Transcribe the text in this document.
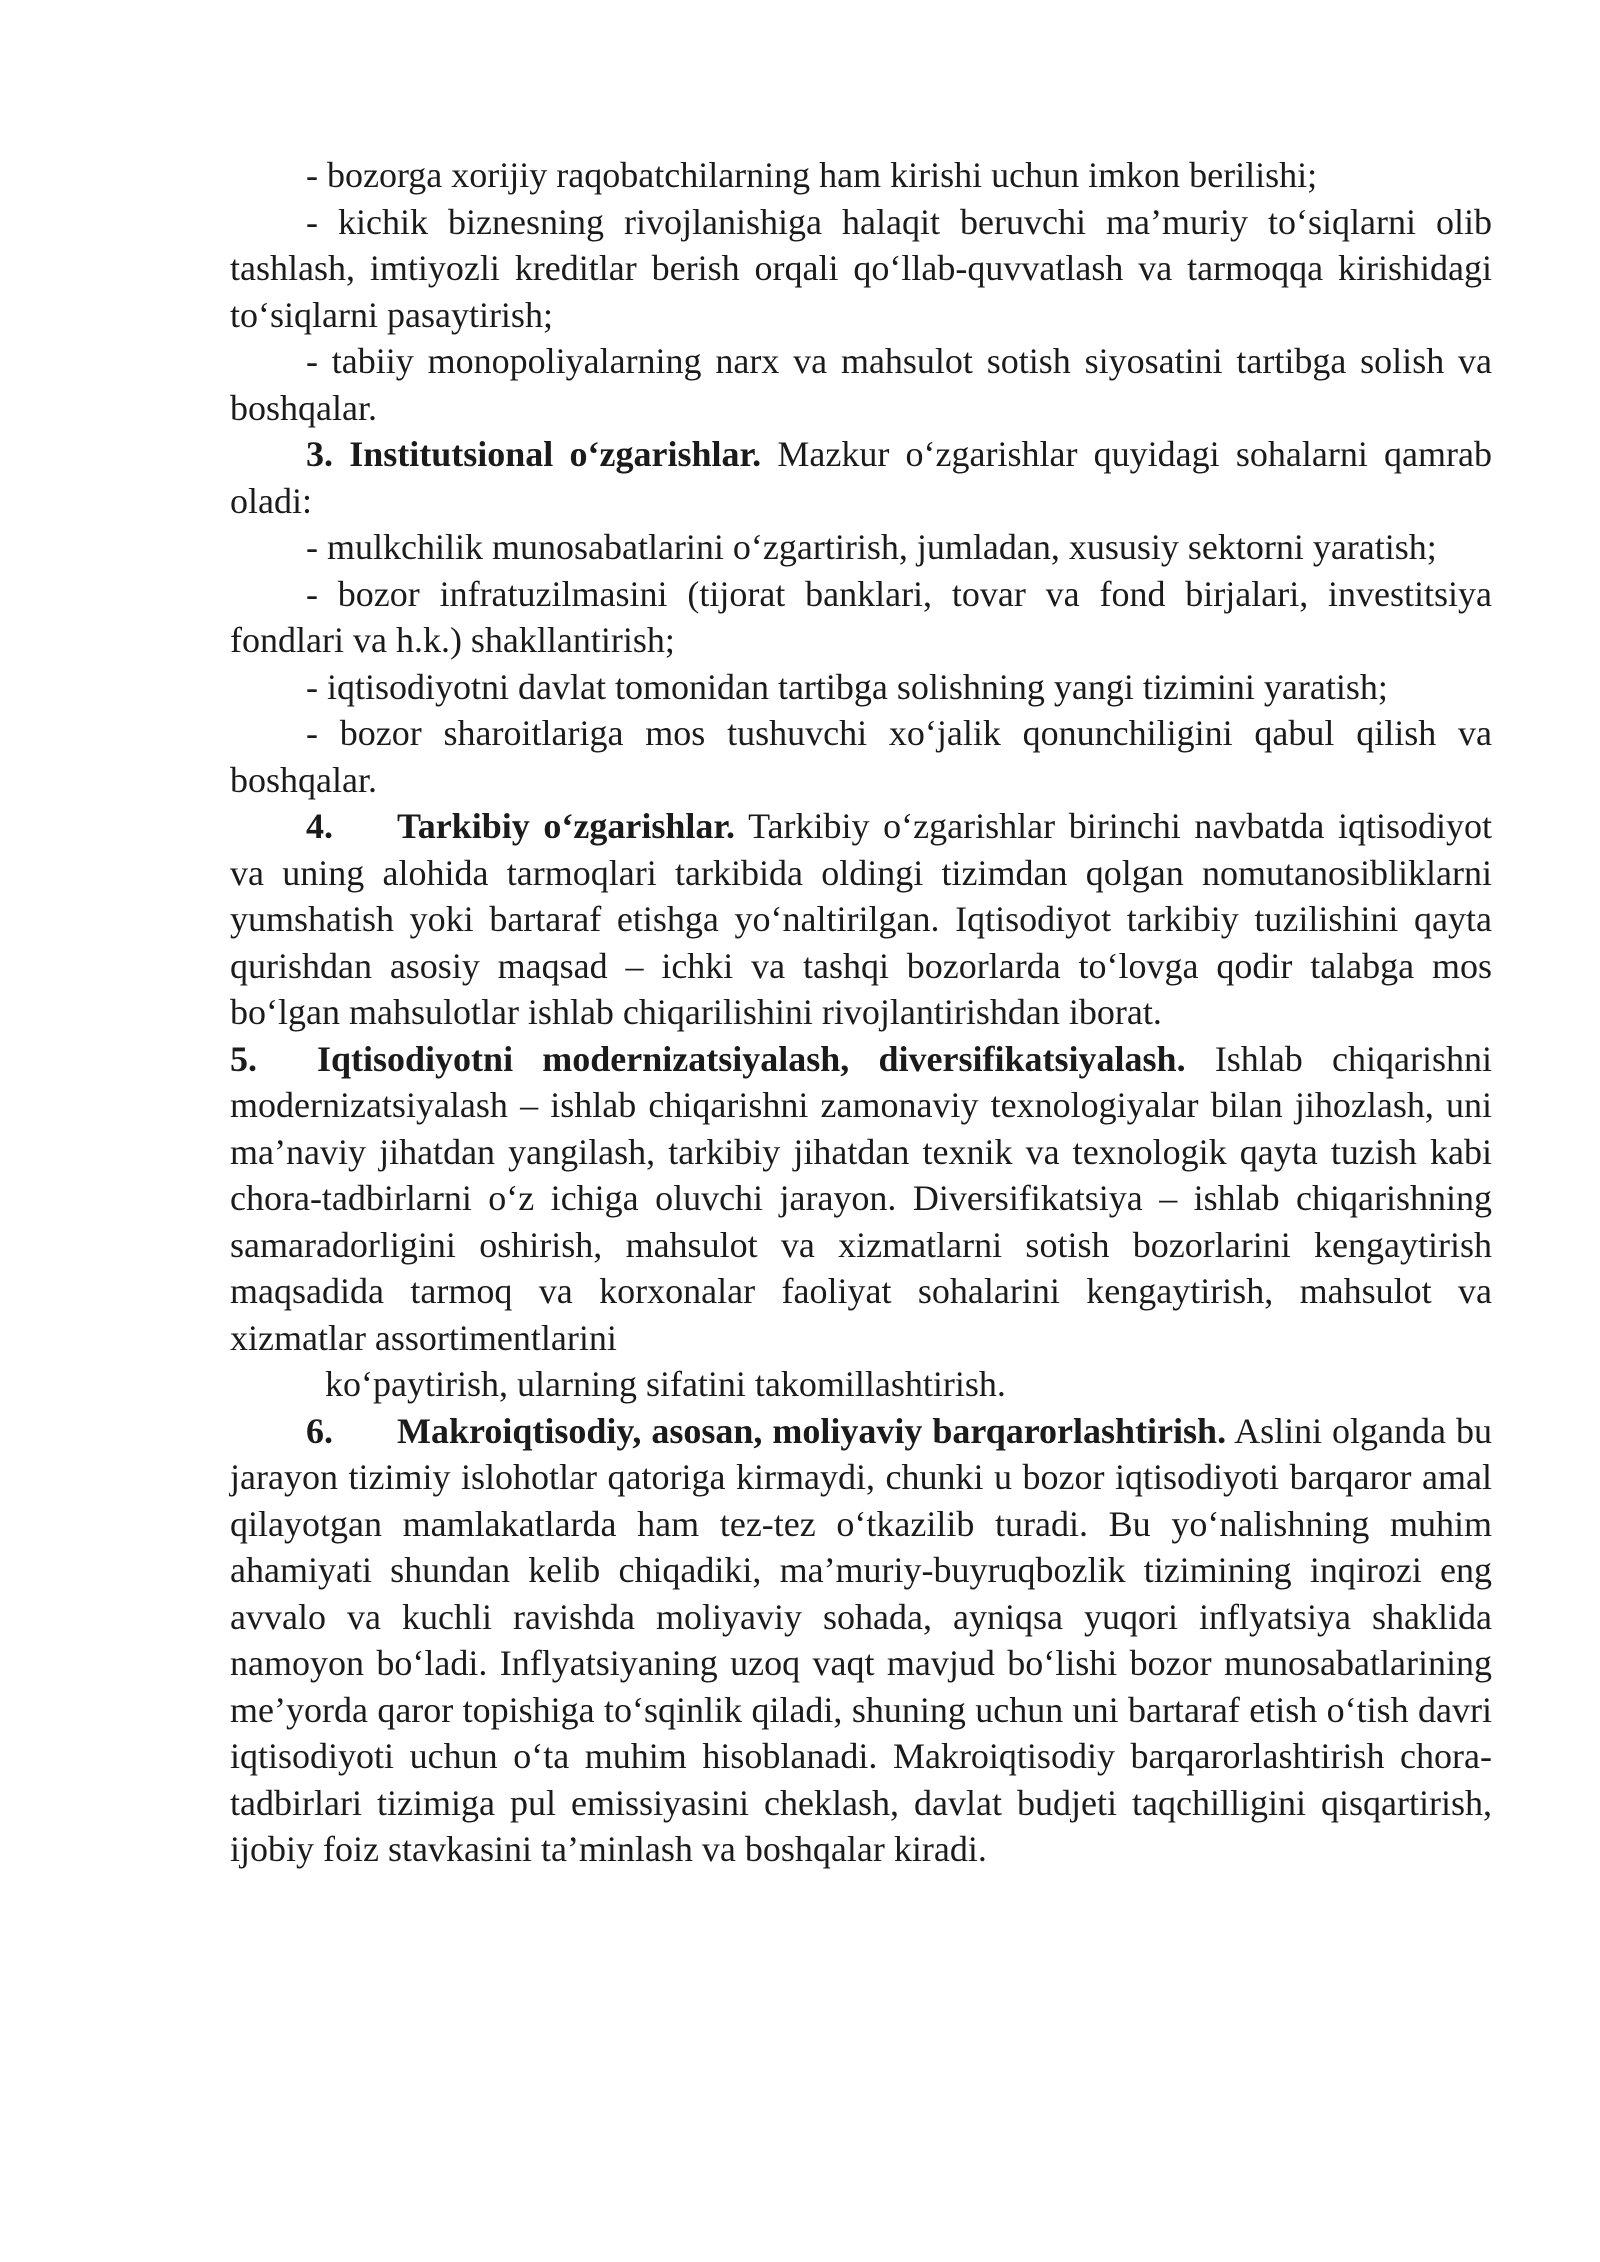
- bozorga xorijiy raqobatchilarning ham kirishi uchun imkon berilishi;

- kichik biznesning rivojlanishiga halaqit beruvchi ma’muriy to‘siqlarni olib tashlash, imtiyozli kreditlar berish orqali qo‘llab-quvvatlash va tarmoqqa kirishidagi to‘siqlarni pasaytirish;

- tabiiy monopoliyalarning narx va mahsulot sotish siyosatini tartibga solish va boshqalar.

3. Institutsional o‘zgarishlar. Mazkur o‘zgarishlar quyidagi sohalarni qamrab oladi:

- mulkchilik munosabatlarini o‘zgartirish, jumladan, xususiy sektorni yaratish;

- bozor infratuzilmasini (tijorat banklari, tovar va fond birjalari, investitsiya fondlari va h.k.) shakllantirish;

- iqtisodiyotni davlat tomonidan tartibga solishning yangi tizimini yaratish;

- bozor sharoitlariga mos tushuvchi xo‘jalik qonunchiligini qabul qilish va boshqalar.

4. Tarkibiy o‘zgarishlar. Tarkibiy o‘zgarishlar birinchi navbatda iqtisodiyot va uning alohida tarmoqlari tarkibida oldingi tizimdan qolgan nomutanosibliklarni yumshatish yoki bartaraf etishga yo‘naltirilgan. Iqtisodiyot tarkibiy tuzilishini qayta qurishdan asosiy maqsad – ichki va tashqi bozorlarda to‘lovga qodir talabga mos bo‘lgan mahsulotlar ishlab chiqarilishini rivojlantirishdan iborat.

5. Iqtisodiyotni modernizatsiyalash, diversifikatsiyalash. Ishlab chiqarishni modernizatsiyalash – ishlab chiqarishni zamonaviy texnologiyalar bilan jihozlash, uni ma’naviy jihatdan yangilash, tarkibiy jihatdan texnik va texnologik qayta tuzish kabi chora-tadbirlarni o‘z ichiga oluvchi jarayon. Diversifikatsiya – ishlab chiqarishning samaradorligini oshirish, mahsulot va xizmatlarni sotish bozorlarini kengaytirish maqsadida tarmoq va korxonalar faoliyat sohalarini kengaytirish, mahsulot va xizmatlar assortimentlarini

ko‘paytirish, ularning sifatini takomillashtirish.

6. Makroiqtisodiy, asosan, moliyaviy barqarorlashtirish. Aslini olganda bu jarayon tizimiy islohotlar qatoriga kirmaydi, chunki u bozor iqtisodiyoti barqaror amal qilayotgan mamlakatlarda ham tez-tez o‘tkazilib turadi. Bu yo‘nalishning muhim ahamiyati shundan kelib chiqadiki, ma’muriy-buyruqbozlik tizimining inqirozi eng avvalo va kuchli ravishda moliyaviy sohada, ayniqsa yuqori inflyatsiya shaklida namoyon bo‘ladi. Inflyatsiyaning uzoq vaqt mavjud bo‘lishi bozor munosabatlarining me’yorda qaror topishiga to‘sqinlik qiladi, shuning uchun uni bartaraf etish o‘tish davri iqtisodiyoti uchun o‘ta muhim hisoblanadi. Makroiqtisodiy barqarorlashtirish chora-tadbirlari tizimiga pul emissiyasini cheklash, davlat budjeti taqchilligini qisqartirish, ijobiy foiz stavkasini ta’minlash va boshqalar kiradi.
